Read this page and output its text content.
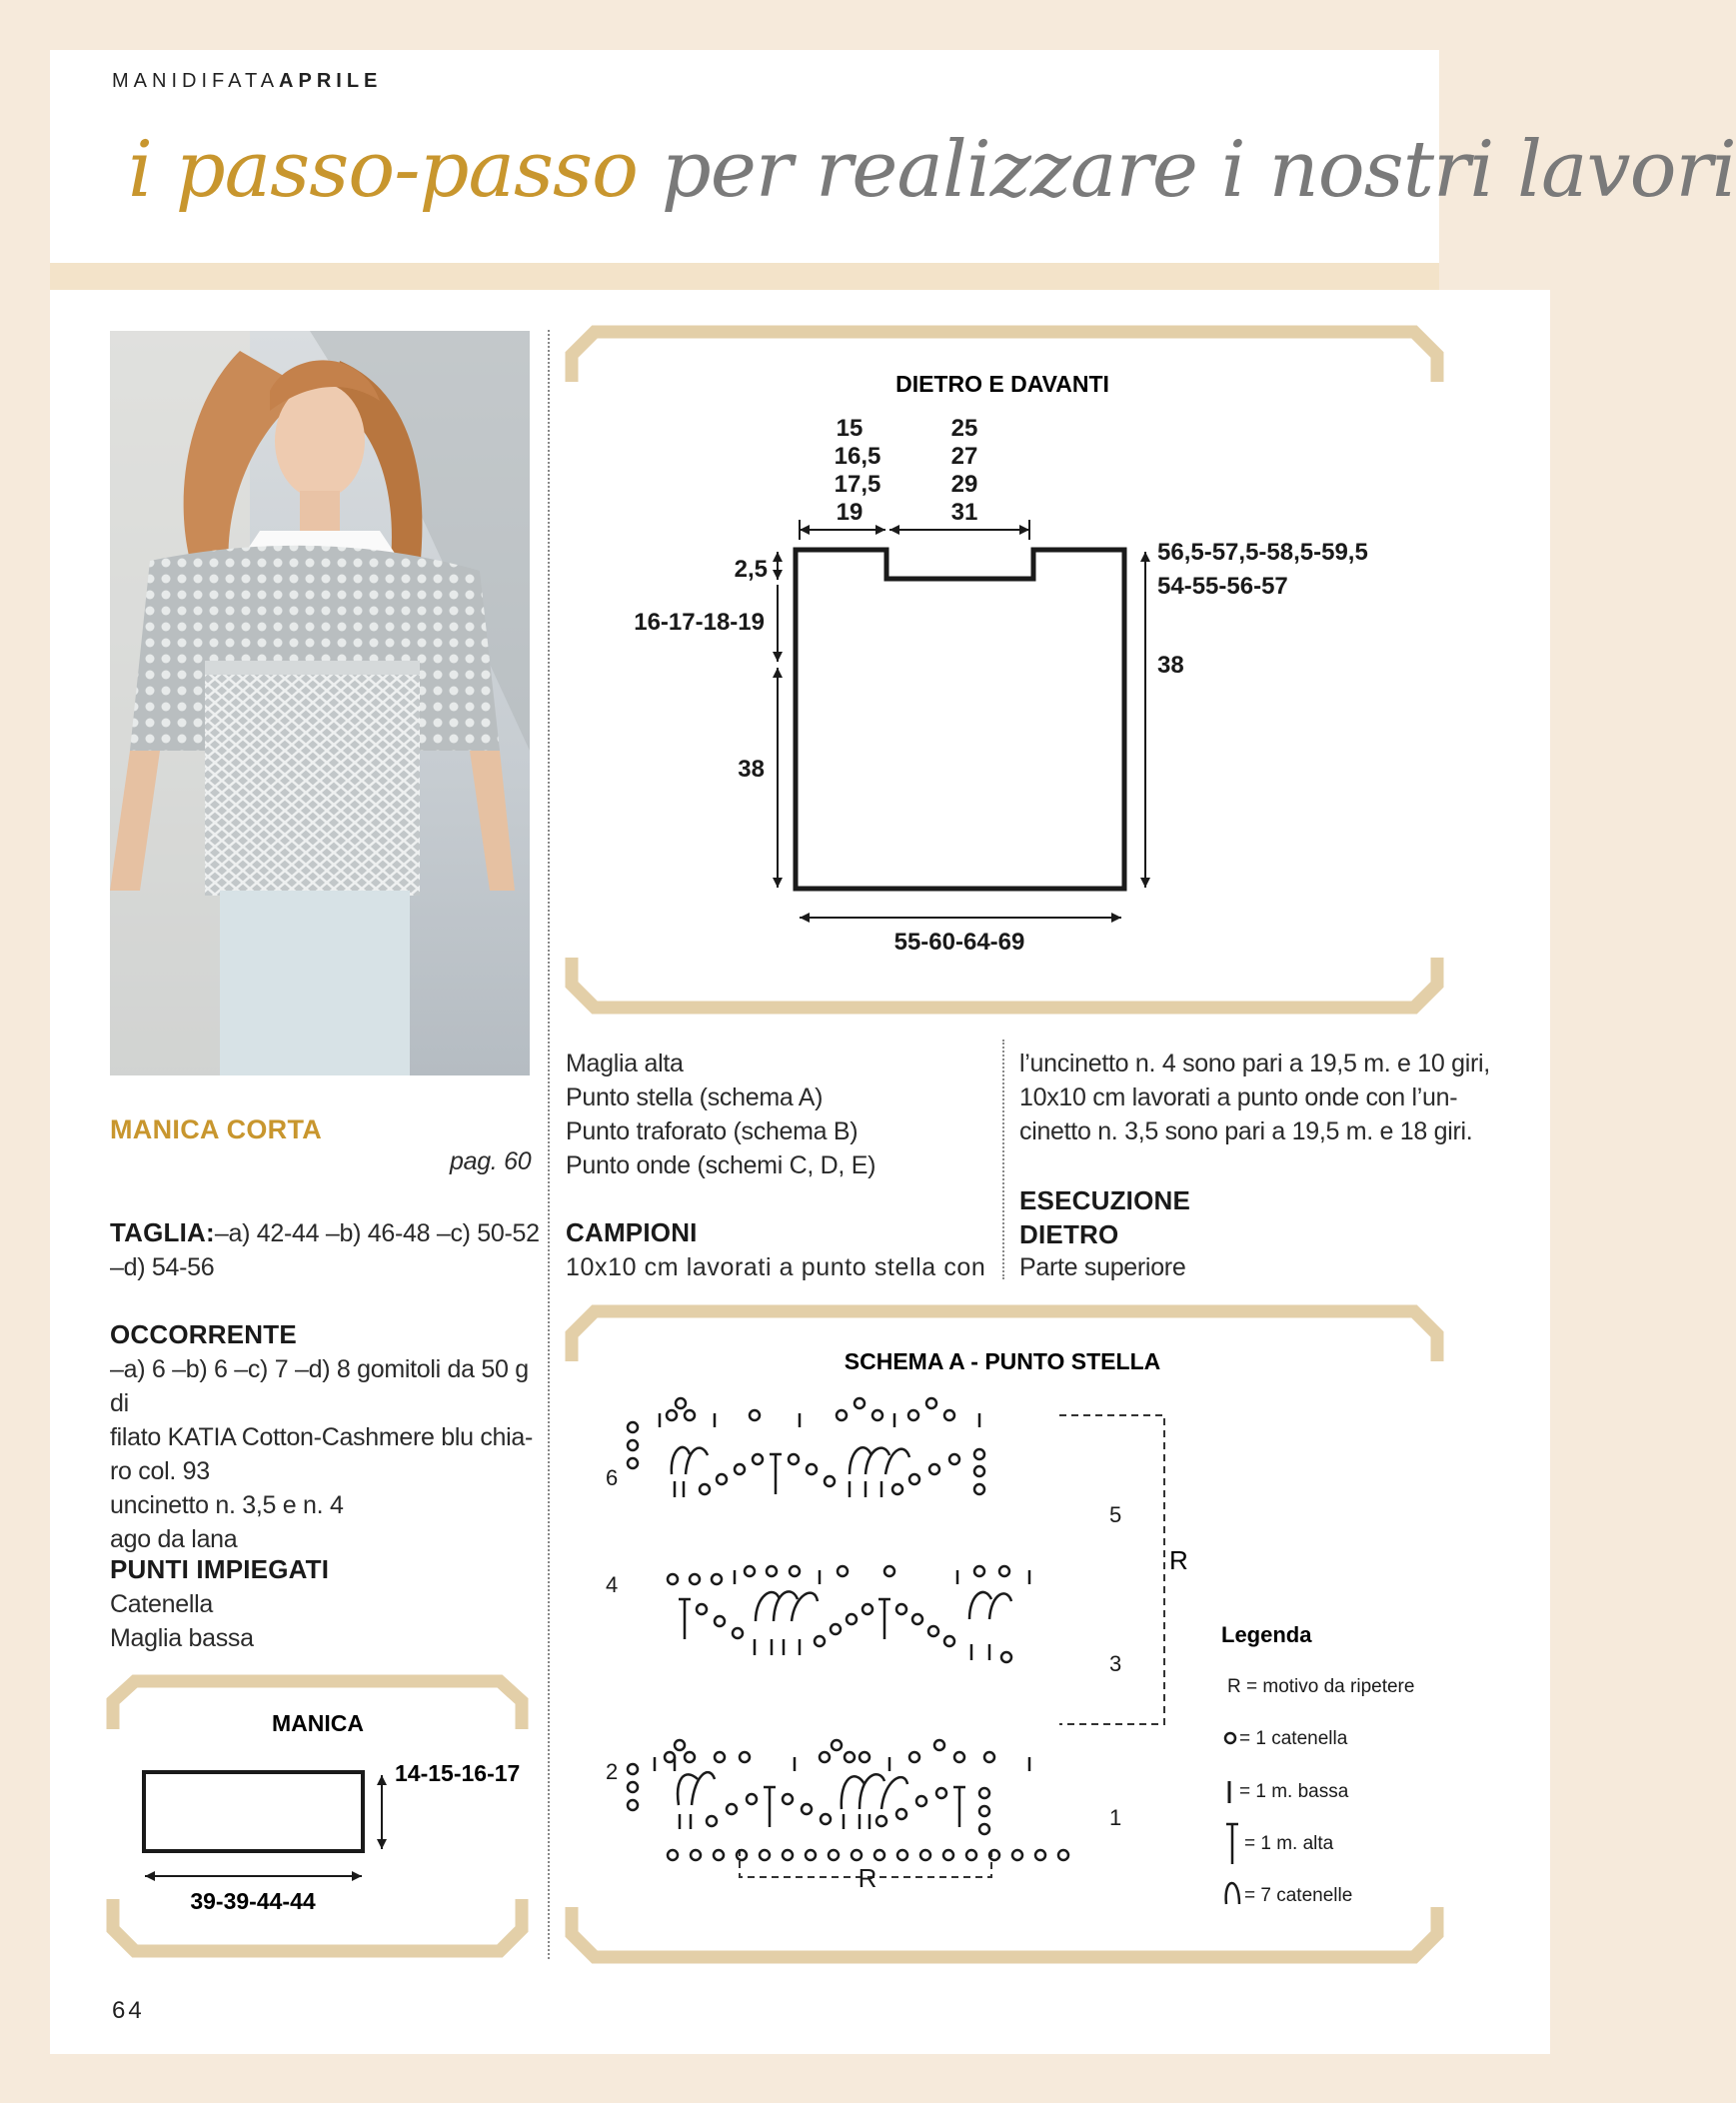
MANIDIFATAAPRILE
i passo-passo per realizzare i nostri lavori
MANICA CORTA
pag. 60
TAGLIA:–a) 42-44 –b) 46-48 –c) 50-52
–d) 54-56
OCCORRENTE
–a) 6 –b) 6 –c) 7 –d) 8 gomitoli da 50 g di
filato KATIA Cotton-Cashmere blu chia-
ro col. 93
uncinetto n. 3,5 e n. 4
ago da lana
PUNTI IMPIEGATI
Catenella
Maglia bassa
Maglia alta
Punto stella (schema A)
Punto traforato (schema B)
Punto onde (schemi C, D, E)
CAMPIONI
10x10 cm lavorati a punto stella con
l’uncinetto n. 4 sono pari a 19,5 m. e 10 giri,
10x10 cm lavorati a punto onde con l’un-
cinetto n. 3,5 sono pari a 19,5 m. e 18 giri.
ESECUZIONE
DIETRO
Parte superiore
DIETRO E DAVANTI
15
16,5
17,5
19
25
27
29
31
2,5
16-17-18-19
38
56,5-57,5-58,5-59,5
54-55-56-57
38
55-60-64-69
MANICA
14-15-16-17
39-39-44-44
SCHEMA A - PUNTO STELLA
R
R
6
5
4
3
2
1
Legenda
R = motivo da ripetere
= 1 catenella
= 1 m. bassa
= 1 m. alta
= 7 catenelle
64
